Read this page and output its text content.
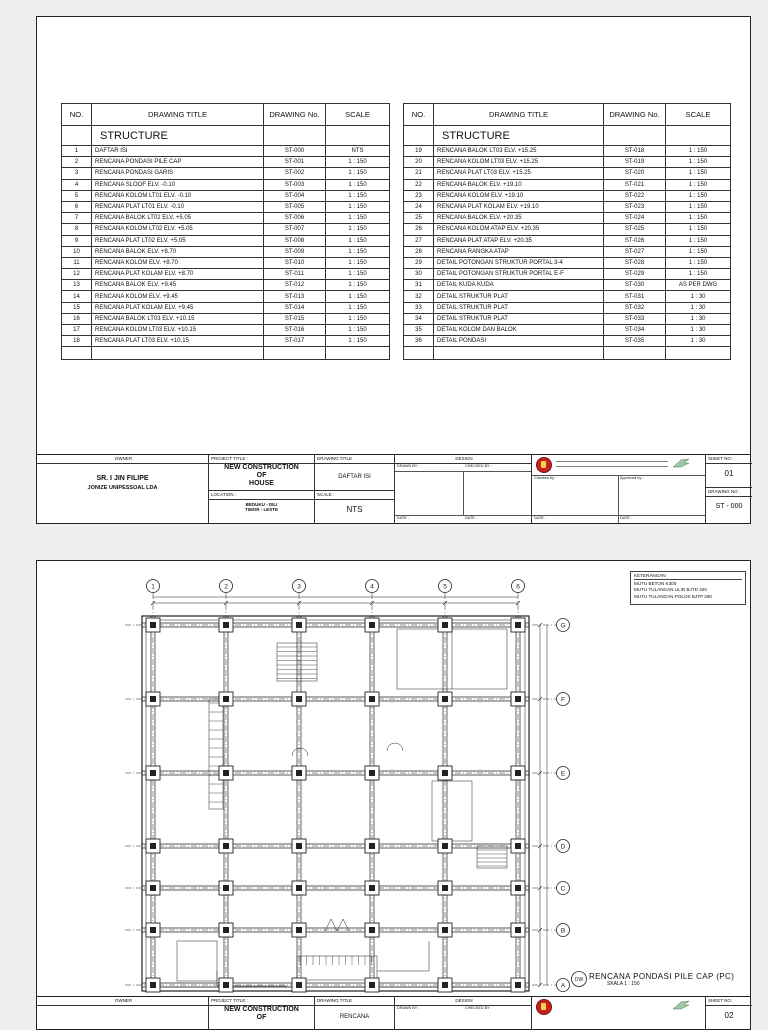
NO.	DRAWING TITLE	DRAWING No.	SCALE
	STRUCTURE		
1	DAFTAR ISI	ST-000	NTS
2	RENCANA PONDASI PILE CAP	ST-001	1 : 150
3	RENCANA PONDASI GARIS	ST-002	1 : 150
4	RENCANA SLOOF ELV. -0.10	ST-003	1 : 150
5	RENCANA KOLOM LT01 ELV. -0.10	ST-004	1 : 150
6	RENCANA PLAT LT01 ELV. -0.10	ST-005	1 : 150
7	RENCANA BALOK LT02 ELV. +5.05	ST-006	1 : 150
8	RENCANA KOLOM LT02 ELV. +5.05	ST-007	1 : 150
9	RENCANA PLAT LT02 ELV. +5.05	ST-008	1 : 150
10	RENCANA BALOK ELV. +8.70	ST-009	1 : 150
11	RENCANA KOLOM ELV. +8.70	ST-010	1 : 150
12	RENCANA PLAT KOLAM ELV. +8.70	ST-011	1 : 150
13	RENCANA BALOK ELV. +9.45	ST-012	1 : 150
14	RENCANA KOLOM ELV. +9.45	ST-013	1 : 150
15	RENCANA PLAT KOLAM ELV. +9.45	ST-014	1 : 150
16	RENCANA BALOK LT03 ELV. +10.15	ST-015	1 : 150
17	RENCANA KOLOM LT03 ELV. +10.15	ST-016	1 : 150
18	RENCANA PLAT LT03 ELV. +10.15	ST-017	1 : 150

NO.	DRAWING TITLE	DRAWING No.	SCALE
	STRUCTURE		
19	RENCANA BALOK LT03 ELV. +15.25	ST-018	1 : 150
20	RENCANA KOLOM LT03 ELV. +15.25	ST-019	1 : 150
21	RENCANA PLAT LT03 ELV. +15.25	ST-020	1 : 150
22	RENCANA BALOK ELV. +19.10	ST-021	1 : 150
23	RENCANA KOLOM ELV. +19.10	ST-022	1 : 150
24	RENCANA PLAT KOLAM ELV. +19.10	ST-023	1 : 150
25	RENCANA BALOK ELV. +20.35	ST-024	1 : 150
26	RENCANA KOLOM ATAP ELV. +20.35	ST-025	1 : 150
27	RENCANA PLAT ATAP ELV. +20.35	ST-026	1 : 150
28	RENCANA RANGKA ATAP	ST-027	1 : 150
29	DETAIL POTONGAN STRUKTUR PORTAL 3-4	ST-028	1 : 150
30	DETAIL POTONGAN STRUKTUR PORTAL E-F	ST-029	1 : 150
31	DETAIL KUDA KUDA	ST-030	AS PER DWG
32	DETAIL STRUKTUR PLAT	ST-031	1 : 30
33	DETAIL STRUKTUR PLAT	ST-032	1 : 30
34	DETAIL STRUKTUR PLAT	ST-033	1 : 30
35	DETAIL KOLOM DAN BALOK	ST-034	1 : 30
36	DETAIL PONDASI	ST-035	1 : 30

OWNER
SR. I JIN FILIPE
JONIZE UNIPESSOAL LDA
PROJECT TITLE :
NEW CONSTRUCTION
OF
HOUSE
LOCATION :
BEDUKU - DILI
TIMOR - LESTE
DRAWING TITLE
DAFTAR ISI
SCALE :
NTS
DESIGN
DRAWN BY :	CHECKED BY :
DATE :	DATE :
Checked by :	Approved by :
DATE :	DATE :
SHEET NO :
01
DRAWING NO :
ST - 000
1	2	3	4	5	6
G
F
E
D
C
B
A
KETERANGAN
MUTU BETON K300
MUTU TULANGAN ULIR BJTD 420
MUTU TULANGAN POLOS BJTP 280
DW RENCANA PONDASI PILE CAP (PC)
SKALA 1 : 150
OWNER	PROJECT TITLE :
NEW CONSTRUCTION
OF
DRAWING TITLE
RENCANA
DESIGN
DRAWN BY :	CHECKED BY :
SHEET NO :
02
